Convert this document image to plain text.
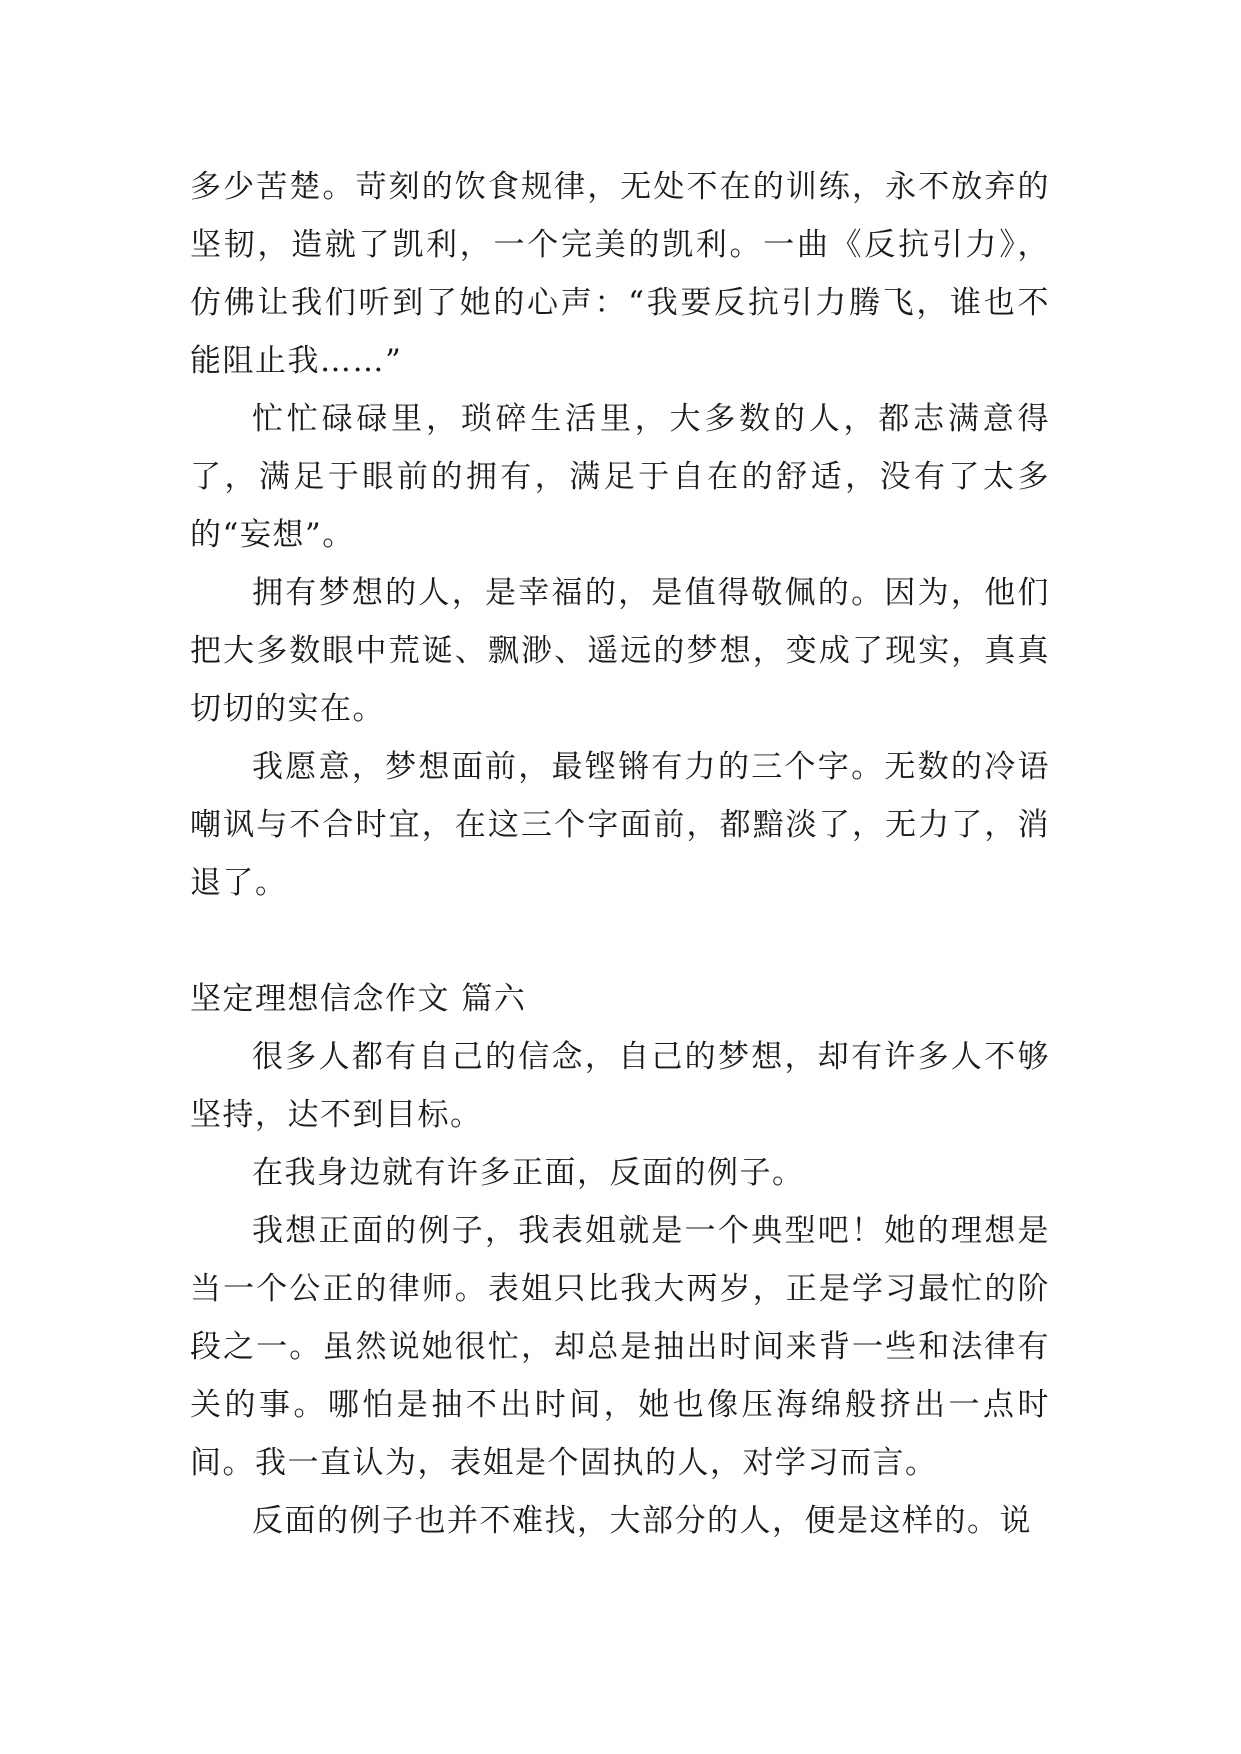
多少苦楚。苛刻的饮食规律，无处不在的训练，永不放弃的坚韧，造就了凯利，一个完美的凯利。一曲《反抗引力》，仿佛让我们听到了她的心声：“我要反抗引力腾飞，谁也不能阻止我……”

忙忙碌碌里，琐碎生活里，大多数的人，都志满意得了，满足于眼前的拥有，满足于自在的舒适，没有了太多的“妄想”。

拥有梦想的人，是幸福的，是值得敬佩的。因为，他们把大多数眼中荒诞、飘渺、遥远的梦想，变成了现实，真真切切的实在。

我愿意，梦想面前，最铿锵有力的三个字。无数的冷语嘲讽与不合时宜，在这三个字面前，都黯淡了，无力了，消退了。

坚定理想信念作文 篇六

很多人都有自己的信念，自己的梦想，却有许多人不够坚持，达不到目标。

在我身边就有许多正面，反面的例子。

我想正面的例子，我表姐就是一个典型吧！她的理想是当一个公正的律师。表姐只比我大两岁，正是学习最忙的阶段之一。虽然说她很忙，却总是抽出时间来背一些和法律有关的事。哪怕是抽不出时间，她也像压海绵般挤出一点时间。我一直认为，表姐是个固执的人，对学习而言。

反面的例子也并不难找，大部分的人，便是这样的。说
